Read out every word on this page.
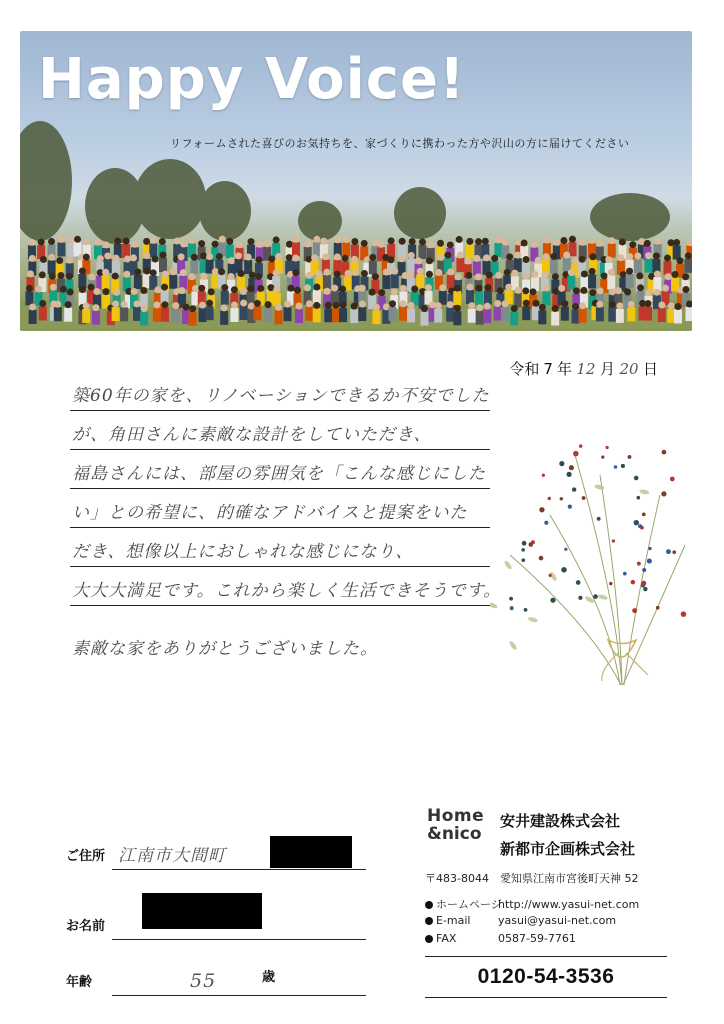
Happy Voice!
リフォームされた喜びのお気持ちを、家づくりに携わった方や沢山の方に届けてください
令和 7 年 12 月 20 日
築60年の家を、リノベーションできるか不安でした
が、角田さんに素敵な設計をしていただき、
福島さんには、部屋の雰囲気を「こんな感じにした
い」との希望に、的確なアドバイスと提案をいた
だき、想像以上におしゃれな感じになり、
大大大満足です。これから楽しく生活できそうです。
素敵な家をありがとうございました。
ご住所 江南市大間町
お名前
年齢	55	歳
Home
&nico
安井建設株式会社
新都市企画株式会社
〒483-8044　愛知県江南市宮後町天神 52
ホームページhttp://www.yasui-net.com
E-mail	yasui@yasui-net.com
FAX	0587-59-7761
0120-54-3536
